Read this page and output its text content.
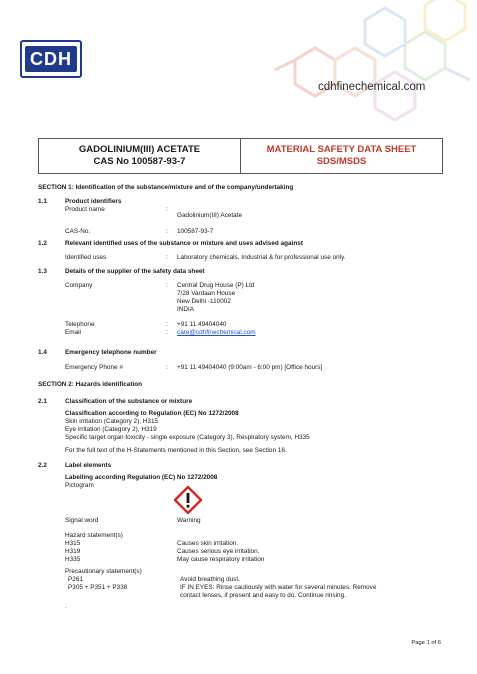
CDH
cdhfinechemical.com
GADOLINIUM(III) ACETATE
CAS No 100587-93-7
MATERIAL SAFETY DATA SHEET
SDS/MSDS
SECTION 1: Identification of the substance/mixture and of the company/undertaking
1.1	Product identifiers
Product name	:
Gadolinium(III) Acetate
CAS-No.	: 100587-93-7
1.2	Relevant identified uses of the substance or mixture and uses advised against
Identified uses	: Laboratory chemicals, Industrial & for professional use only.
1.3	Details of the supplier of the safety data sheet
Company	: Central Drug House (P) Ltd
7/28 Vardaan House
New Delhi -110002
INDIA
Telephone	: +91 11 49404040
Email	: care@cdhfinechemical.com
1.4	Emergency telephone number
Emergency Phone #	: +91 11 49404040 (9:00am - 6:00 pm) [Office hours]
SECTION 2: Hazards identification
2.1	Classification of the substance or mixture
Classification according to Regulation (EC) No 1272/2008
Skin irritation (Category 2), H315
Eye irritation (Category 2), H319
Specific target organ toxicity - single exposure (Category 3), Respiratory system, H335
For the full text of the H-Statements mentioned in this Section, see Section 16.
2.2	Label elements
Labelling according Regulation (EC) No 1272/2008
Pictogram
Signal word	Warning
Hazard statement(s)
H315	Causes skin irritation.
H319	Causes serious eye irritation.
H335	May cause respiratory irritation
Precautionary statement(s)
P261	Avoid breathing dust.
P305 + P351 + P338	IF IN EYES: Rinse cautiously with water for several minutes. Remove
contact lenses, if present and easy to do. Continue rinsing.
.
Page 1 of 6
